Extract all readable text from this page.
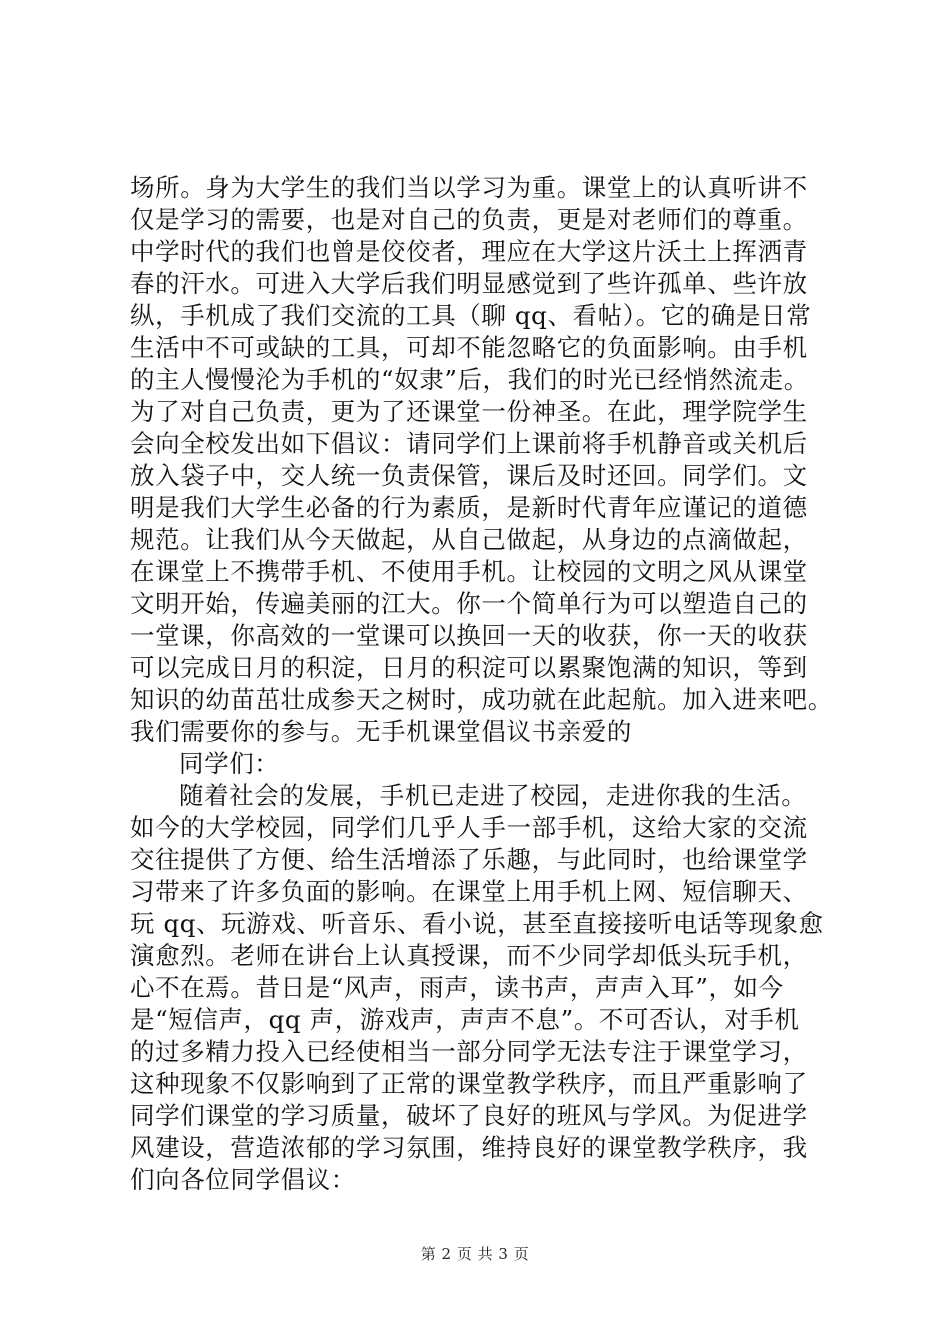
场所。身为大学生的我们当以学习为重。课堂上的认真听讲不
仅是学习的需要，也是对自己的负责，更是对老师们的尊重。
中学时代的我们也曾是佼佼者，理应在大学这片沃土上挥洒青
春的汗水。可进入大学后我们明显感觉到了些许孤单、些许放
纵，手机成了我们交流的工具（聊 qq、看帖）。它的确是日常
生活中不可或缺的工具，可却不能忽略它的负面影响。由手机
的主人慢慢沦为手机的“奴隶”后，我们的时光已经悄然流走。
为了对自己负责，更为了还课堂一份神圣。在此，理学院学生
会向全校发出如下倡议：请同学们上课前将手机静音或关机后
放入袋子中，交人统一负责保管，课后及时还回。同学们。文
明是我们大学生必备的行为素质，是新时代青年应谨记的道德
规范。让我们从今天做起，从自己做起，从身边的点滴做起，
在课堂上不携带手机、不使用手机。让校园的文明之风从课堂
文明开始，传遍美丽的江大。你一个简单行为可以塑造自己的
一堂课，你高效的一堂课可以换回一天的收获，你一天的收获
可以完成日月的积淀，日月的积淀可以累聚饱满的知识，等到
知识的幼苗茁壮成参天之树时，成功就在此起航。加入进来吧。
我们需要你的参与。无手机课堂倡议书亲爱的
同学们：
随着社会的发展，手机已走进了校园，走进你我的生活。
如今的大学校园，同学们几乎人手一部手机，这给大家的交流
交往提供了方便、给生活增添了乐趣，与此同时，也给课堂学
习带来了许多负面的影响。在课堂上用手机上网、短信聊天、
玩 qq、玩游戏、听音乐、看小说，甚至直接接听电话等现象愈
演愈烈。老师在讲台上认真授课，而不少同学却低头玩手机，
心不在焉。昔日是“风声，雨声，读书声，声声入耳”，如今
是“短信声，qq 声，游戏声，声声不息”。不可否认，对手机
的过多精力投入已经使相当一部分同学无法专注于课堂学习，
这种现象不仅影响到了正常的课堂教学秩序，而且严重影响了
同学们课堂的学习质量，破坏了良好的班风与学风。为促进学
风建设，营造浓郁的学习氛围，维持良好的课堂教学秩序，我
们向各位同学倡议：
第 2 页 共 3 页
